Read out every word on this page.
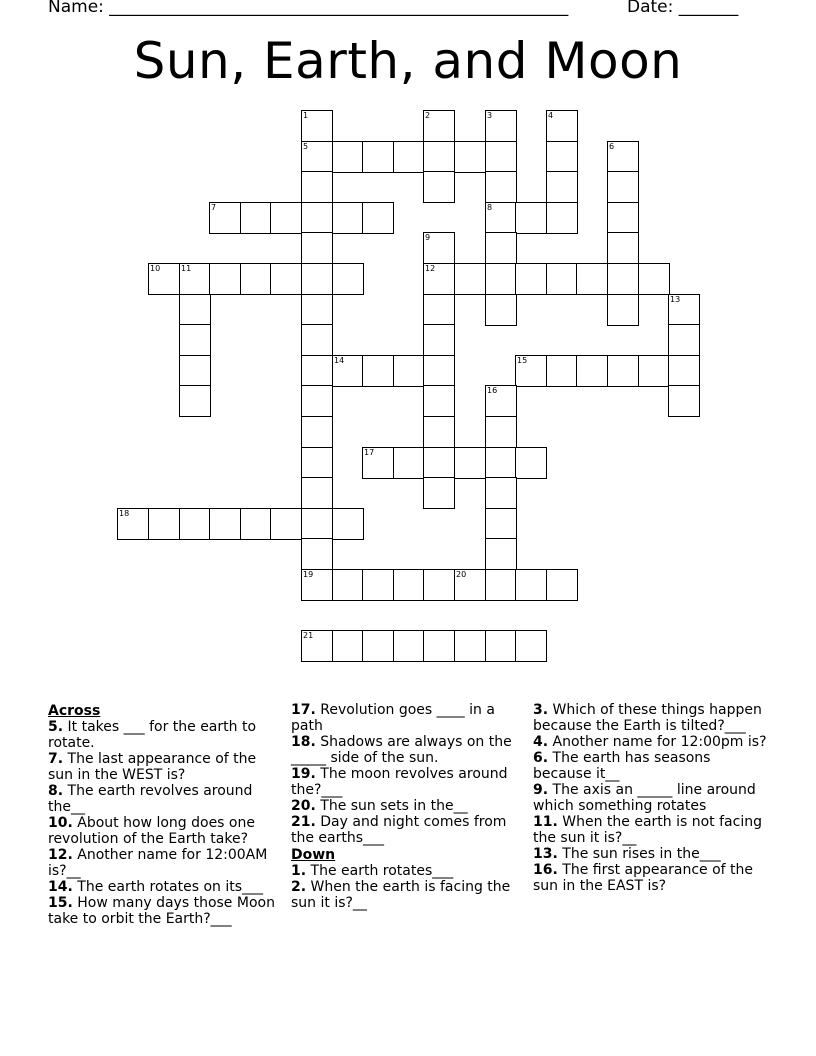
Name: ______________________________________________________	Date: _______
Sun, Earth, and Moon
5
7	8
10	11	12
14	15
17
18
19	20
21
1	2	3	4
6
9
13
16
Across
5. It takes ___ for the earth to rotate.
7. The last appearance of the sun in the WEST is?
8. The earth revolves around the__
10. About how long does one revolution of the Earth take?
12. Another name for 12:00AM is?__
14. The earth rotates on its___
15. How many days those Moon take to orbit the Earth?___
17. Revolution goes ____ in a path
18. Shadows are always on the _____ side of the sun.
19. The moon revolves around the?___
20. The sun sets in the__
21. Day and night comes from the earths___
Down
1. The earth rotates___
2. When the earth is facing the sun it is?__
3. Which of these things happen because the Earth is tilted?___
4. Another name for 12:00pm is?
6. The earth has seasons because it__
9. The axis an _____ line around which something rotates
11. When the earth is not facing the sun it is?__
13. The sun rises in the___
16. The first appearance of the sun in the EAST is?
